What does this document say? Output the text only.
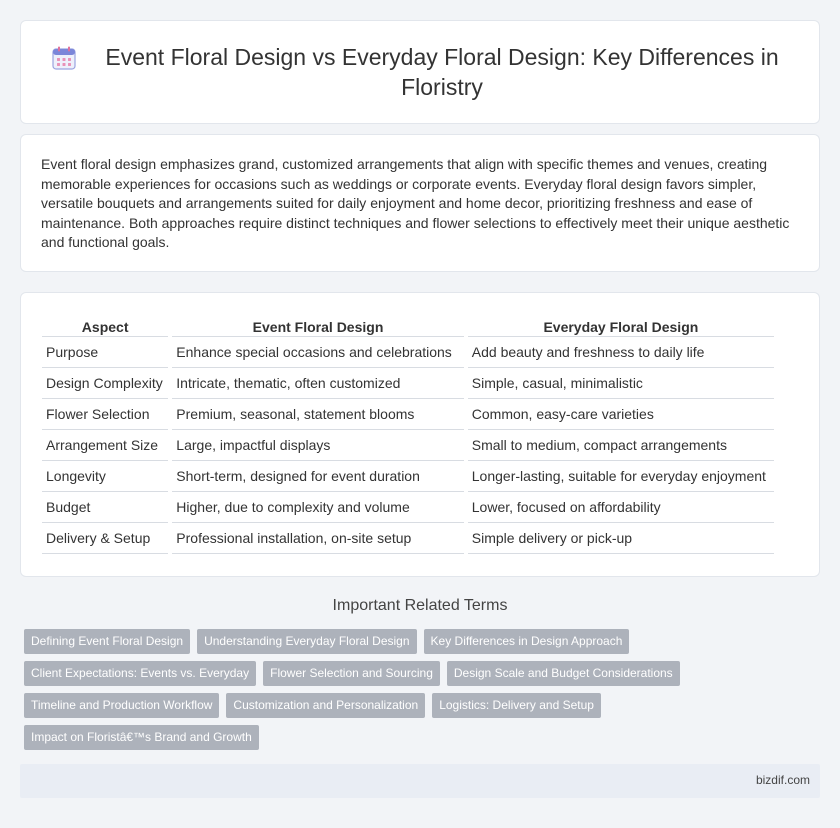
Event Floral Design vs Everyday Floral Design: Key Differences in Floristry

Event floral design emphasizes grand, customized arrangements that align with specific themes and venues, creating memorable experiences for occasions such as weddings or corporate events. Everyday floral design favors simpler, versatile bouquets and arrangements suited for daily enjoyment and home decor, prioritizing freshness and ease of maintenance. Both approaches require distinct techniques and flower selections to effectively meet their unique aesthetic and functional goals.

Aspect	Event Floral Design	Everyday Floral Design
Purpose	Enhance special occasions and celebrations	Add beauty and freshness to daily life
Design Complexity	Intricate, thematic, often customized	Simple, casual, minimalistic
Flower Selection	Premium, seasonal, statement blooms	Common, easy-care varieties
Arrangement Size	Large, impactful displays	Small to medium, compact arrangements
Longevity	Short-term, designed for event duration	Longer-lasting, suitable for everyday enjoyment
Budget	Higher, due to complexity and volume	Lower, focused on affordability
Delivery & Setup	Professional installation, on-site setup	Simple delivery or pick-up
Important Related Terms
Defining Event Floral Design	Understanding Everyday Floral Design	Key Differences in Design Approach
Client Expectations: Events vs. Everyday	Flower Selection and Sourcing	Design Scale and Budget Considerations
Timeline and Production Workflow	Customization and Personalization	Logistics: Delivery and Setup
Impact on Floristâ€™s Brand and Growth
bizdif.com
